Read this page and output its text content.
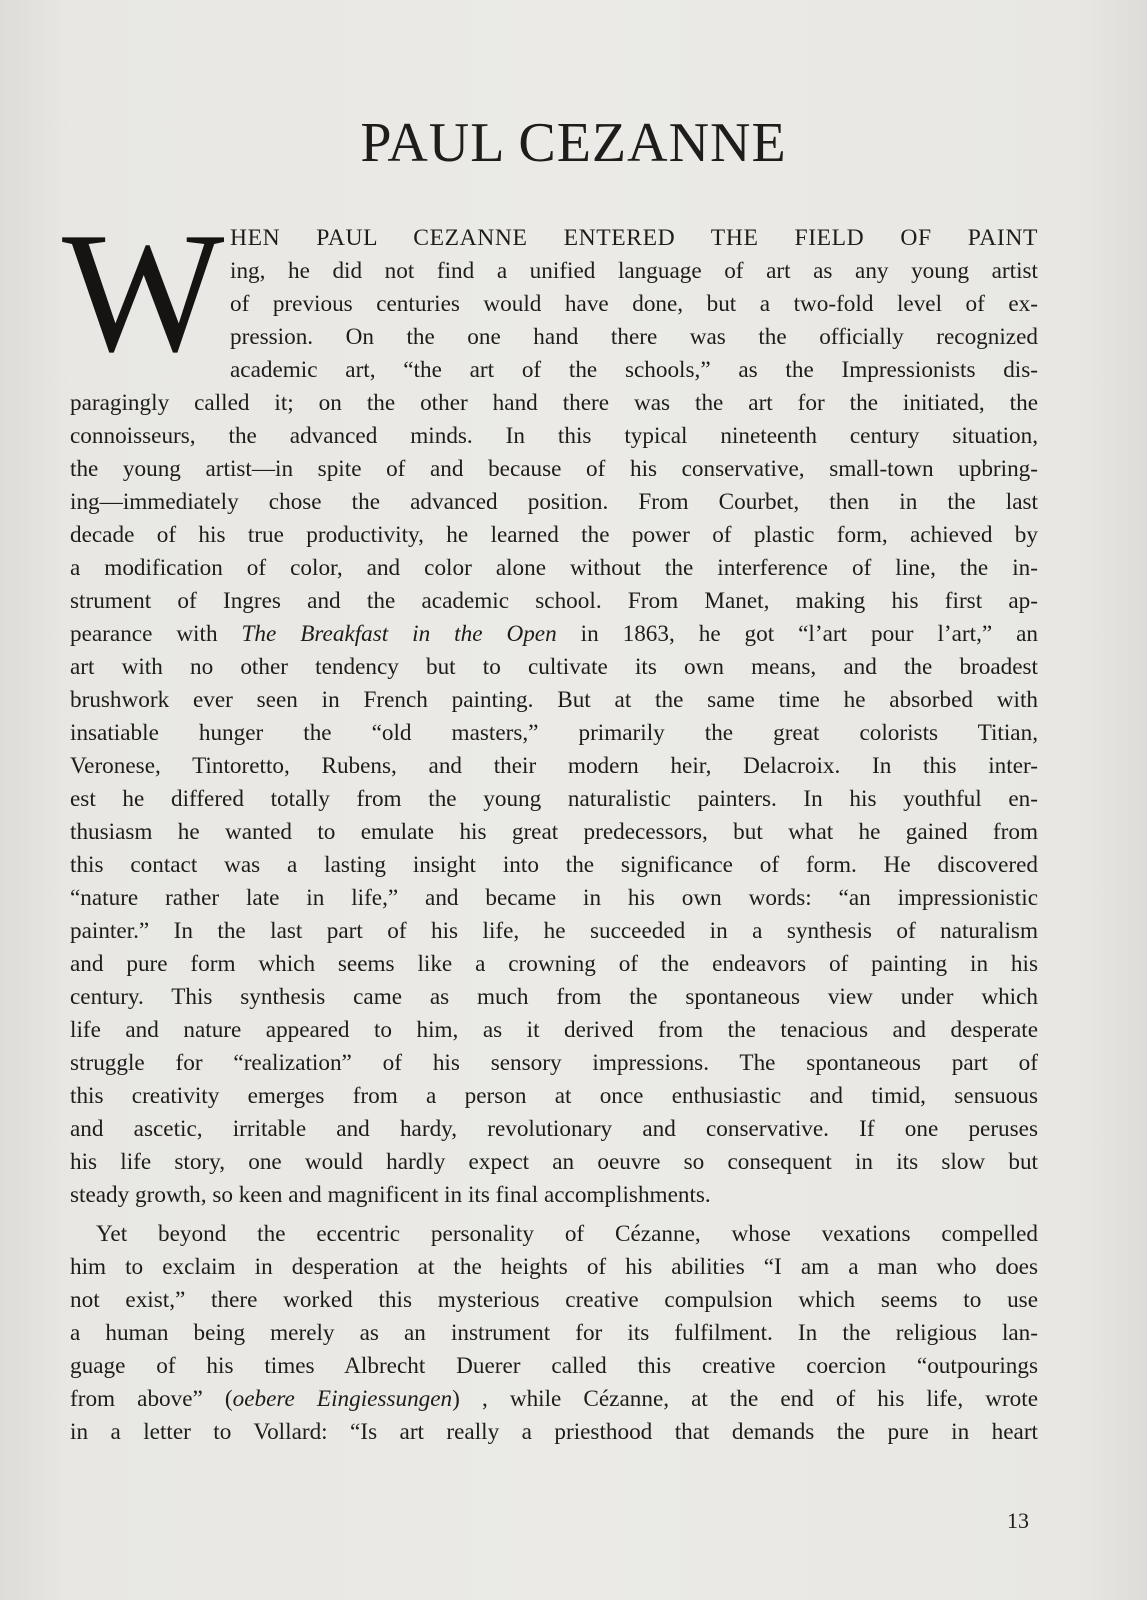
PAUL CEZANNE
W HEN PAUL CEZANNE ENTERED THE FIELD OF PAINT
ing, he did not find a unified language of art as any young artist
of previous centuries would have done, but a two-fold level of ex-
pression. On the one hand there was the officially recognized
academic art, “the art of the schools,” as the Impressionists dis-
paragingly called it; on the other hand there was the art for the initiated, the
connoisseurs, the advanced minds. In this typical nineteenth century situation,
the young artist—in spite of and because of his conservative, small-town upbring-
ing—immediately chose the advanced position. From Courbet, then in the last
decade of his true productivity, he learned the power of plastic form, achieved by
a modification of color, and color alone without the interference of line, the in-
strument of Ingres and the academic school. From Manet, making his first ap-
pearance with The Breakfast in the Open in 1863, he got “l’art pour l’art,” an
art with no other tendency but to cultivate its own means, and the broadest
brushwork ever seen in French painting. But at the same time he absorbed with
insatiable hunger the “old masters,” primarily the great colorists Titian,
Veronese, Tintoretto, Rubens, and their modern heir, Delacroix. In this inter-
est he differed totally from the young naturalistic painters. In his youthful en-
thusiasm he wanted to emulate his great predecessors, but what he gained from
this contact was a lasting insight into the significance of form. He discovered
“nature rather late in life,” and became in his own words: “an impressionistic
painter.” In the last part of his life, he succeeded in a synthesis of naturalism
and pure form which seems like a crowning of the endeavors of painting in his
century. This synthesis came as much from the spontaneous view under which
life and nature appeared to him, as it derived from the tenacious and desperate
struggle for “realization” of his sensory impressions. The spontaneous part of
this creativity emerges from a person at once enthusiastic and timid, sensuous
and ascetic, irritable and hardy, revolutionary and conservative. If one peruses
his life story, one would hardly expect an oeuvre so consequent in its slow but
steady growth, so keen and magnificent in its final accomplishments.
Yet beyond the eccentric personality of Cézanne, whose vexations compelled
him to exclaim in desperation at the heights of his abilities “I am a man who does
not exist,” there worked this mysterious creative compulsion which seems to use
a human being merely as an instrument for its fulfilment. In the religious lan-
guage of his times Albrecht Duerer called this creative coercion “outpourings
from above” (oebere Eingiessungen) , while Cézanne, at the end of his life, wrote
in a letter to Vollard: “Is art really a priesthood that demands the pure in heart
13
